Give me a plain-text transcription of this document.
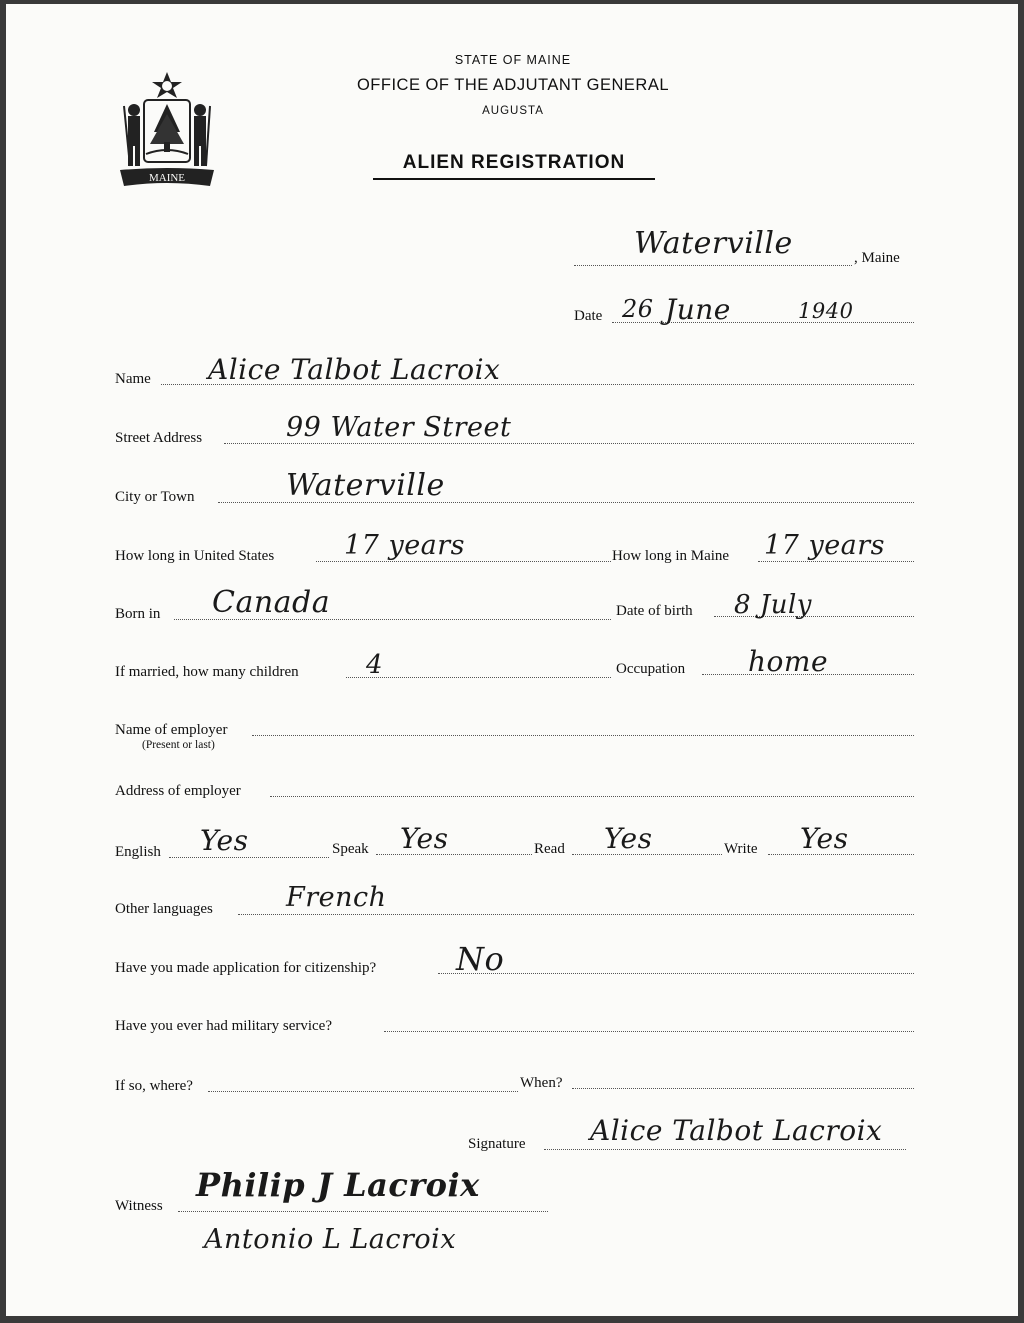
MAINE
STATE OF MAINE
OFFICE OF THE ADJUTANT GENERAL
AUGUSTA
ALIEN REGISTRATION
Waterville	, Maine
Date 26 June	1940
Name Alice Talbot Lacroix
Street Address	99 Water Street
City or Town	Waterville
How long in United States	17 years	How long in Maine 17 years
Born in Canada	Date of birth 8 July
If married, how many children	4	Occupation home
Name of employer
(Present or last)
Address of employer
English Yes	Speak Yes	Read Yes	Write Yes
Other languages	French
Have you made application for citizenship? No
Have you ever had military service?
If so, where?	When?
Signature Alice Talbot Lacroix
Witness
Philip J Lacroix
Antonio L Lacroix
